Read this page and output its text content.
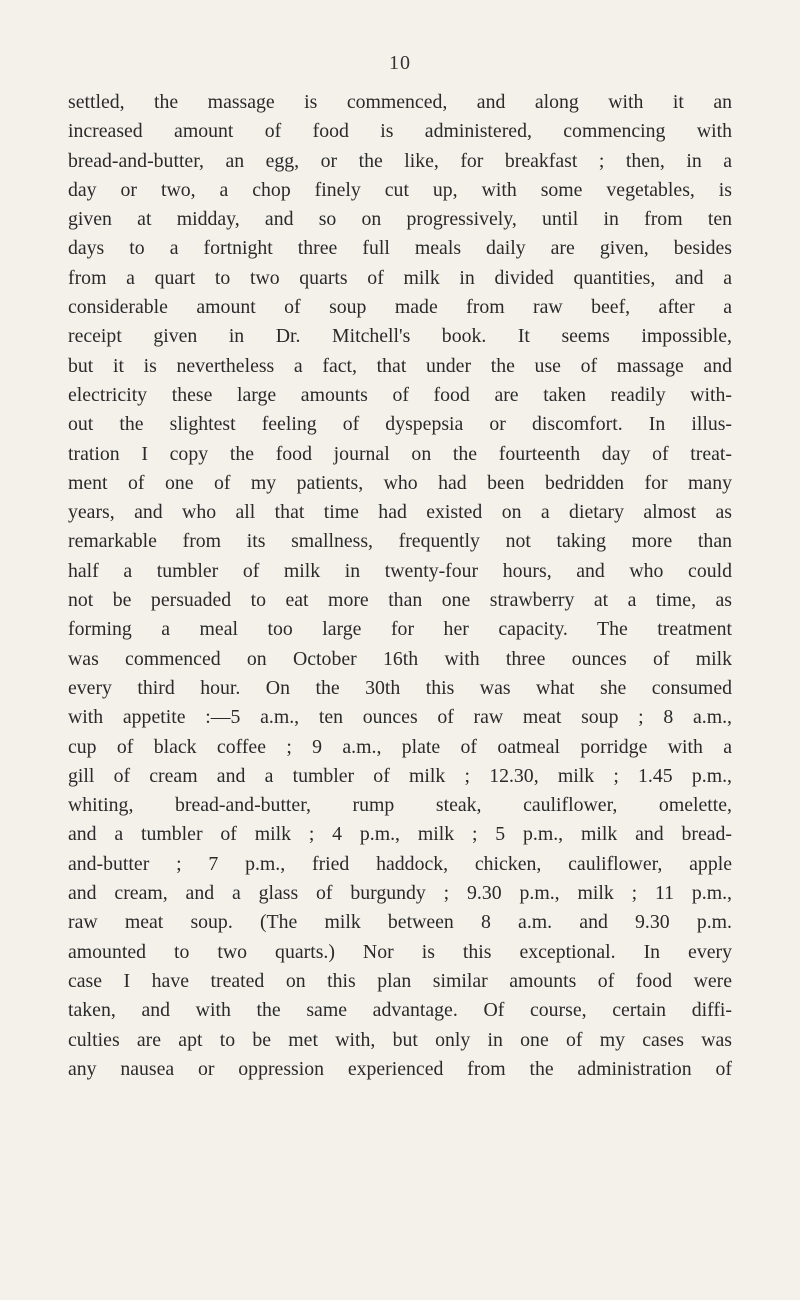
10
settled, the massage is commenced, and along with it an
increased amount of food is administered, commencing with
bread-and-butter, an egg, or the like, for breakfast ; then, in a
day or two, a chop finely cut up, with some vegetables, is
given at midday, and so on progressively, until in from ten
days to a fortnight three full meals daily are given, besides
from a quart to two quarts of milk in divided quantities, and a
considerable amount of soup made from raw beef, after a
receipt given in Dr. Mitchell's book. It seems impossible,
but it is nevertheless a fact, that under the use of massage and
electricity these large amounts of food are taken readily with-
out the slightest feeling of dyspepsia or discomfort. In illus-
tration I copy the food journal on the fourteenth day of treat-
ment of one of my patients, who had been bedridden for many
years, and who all that time had existed on a dietary almost as
remarkable from its smallness, frequently not taking more than
half a tumbler of milk in twenty-four hours, and who could
not be persuaded to eat more than one strawberry at a time, as
forming a meal too large for her capacity. The treatment
was commenced on October 16th with three ounces of milk
every third hour. On the 30th this was what she consumed
with appetite :—5 a.m., ten ounces of raw meat soup ; 8 a.m.,
cup of black coffee ; 9 a.m., plate of oatmeal porridge with a
gill of cream and a tumbler of milk ; 12.30, milk ; 1.45 p.m.,
whiting, bread-and-butter, rump steak, cauliflower, omelette,
and a tumbler of milk ; 4 p.m., milk ; 5 p.m., milk and bread-
and-butter ; 7 p.m., fried haddock, chicken, cauliflower, apple
and cream, and a glass of burgundy ; 9.30 p.m., milk ; 11 p.m.,
raw meat soup. (The milk between 8 a.m. and 9.30 p.m.
amounted to two quarts.) Nor is this exceptional. In every
case I have treated on this plan similar amounts of food were
taken, and with the same advantage. Of course, certain diffi-
culties are apt to be met with, but only in one of my cases was
any nausea or oppression experienced from the administration of
